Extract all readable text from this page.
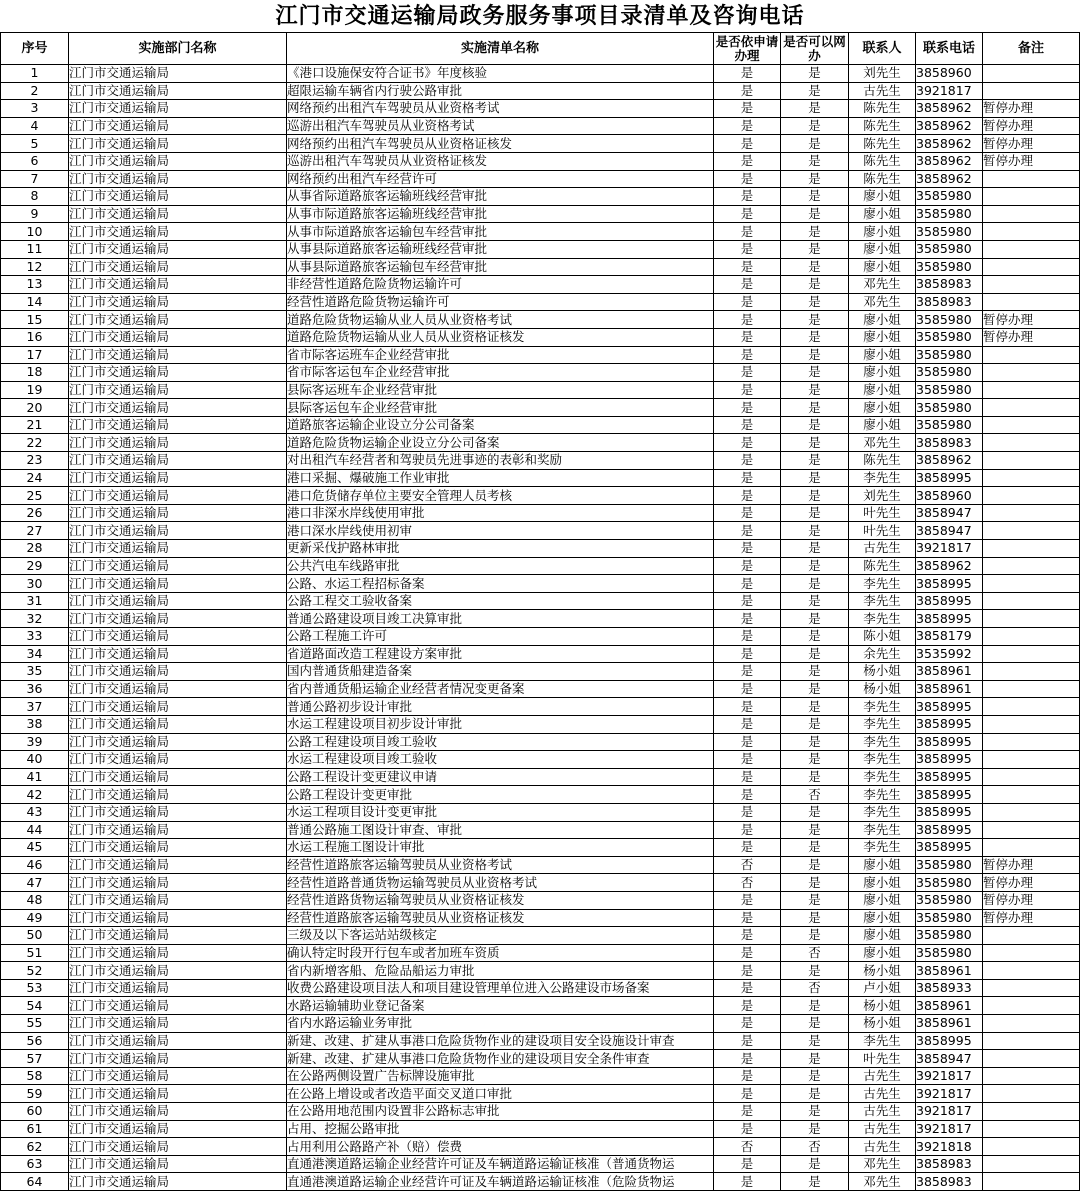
江门市交通运输局政务服务事项目录清单及咨询电话
序号	实施部门名称	实施清单名称	是否依申请办理	是否可以网办	联系人	联系电话	备注
1	江门市交通运输局	《港口设施保安符合证书》年度核验	是	是	刘先生	3858960	
2	江门市交通运输局	超限运输车辆省内行驶公路审批	是	是	古先生	3921817	
3	江门市交通运输局	网络预约出租汽车驾驶员从业资格考试	是	是	陈先生	3858962	暂停办理
4	江门市交通运输局	巡游出租汽车驾驶员从业资格考试	是	是	陈先生	3858962	暂停办理
5	江门市交通运输局	网络预约出租汽车驾驶员从业资格证核发	是	是	陈先生	3858962	暂停办理
6	江门市交通运输局	巡游出租汽车驾驶员从业资格证核发	是	是	陈先生	3858962	暂停办理
7	江门市交通运输局	网络预约出租汽车经营许可	是	是	陈先生	3858962	
8	江门市交通运输局	从事省际道路旅客运输班线经营审批	是	是	廖小姐	3585980	
9	江门市交通运输局	从事市际道路旅客运输班线经营审批	是	是	廖小姐	3585980	
10	江门市交通运输局	从事市际道路旅客运输包车经营审批	是	是	廖小姐	3585980	
11	江门市交通运输局	从事县际道路旅客运输班线经营审批	是	是	廖小姐	3585980	
12	江门市交通运输局	从事县际道路旅客运输包车经营审批	是	是	廖小姐	3585980	
13	江门市交通运输局	非经营性道路危险货物运输许可	是	是	邓先生	3858983	
14	江门市交通运输局	经营性道路危险货物运输许可	是	是	邓先生	3858983	
15	江门市交通运输局	道路危险货物运输从业人员从业资格考试	是	是	廖小姐	3585980	暂停办理
16	江门市交通运输局	道路危险货物运输从业人员从业资格证核发	是	是	廖小姐	3585980	暂停办理
17	江门市交通运输局	省市际客运班车企业经营审批	是	是	廖小姐	3585980	
18	江门市交通运输局	省市际客运包车企业经营审批	是	是	廖小姐	3585980	
19	江门市交通运输局	县际客运班车企业经营审批	是	是	廖小姐	3585980	
20	江门市交通运输局	县际客运包车企业经营审批	是	是	廖小姐	3585980	
21	江门市交通运输局	道路旅客运输企业设立分公司备案	是	是	廖小姐	3585980	
22	江门市交通运输局	道路危险货物运输企业设立分公司备案	是	是	邓先生	3858983	
23	江门市交通运输局	对出租汽车经营者和驾驶员先进事迹的表彰和奖励	是	是	陈先生	3858962	
24	江门市交通运输局	港口采掘、爆破施工作业审批	是	是	李先生	3858995	
25	江门市交通运输局	港口危货储存单位主要安全管理人员考核	是	是	刘先生	3858960	
26	江门市交通运输局	港口非深水岸线使用审批	是	是	叶先生	3858947	
27	江门市交通运输局	港口深水岸线使用初审	是	是	叶先生	3858947	
28	江门市交通运输局	更新采伐护路林审批	是	是	古先生	3921817	
29	江门市交通运输局	公共汽电车线路审批	是	是	陈先生	3858962	
30	江门市交通运输局	公路、水运工程招标备案	是	是	李先生	3858995	
31	江门市交通运输局	公路工程交工验收备案	是	是	李先生	3858995	
32	江门市交通运输局	普通公路建设项目竣工决算审批	是	是	李先生	3858995	
33	江门市交通运输局	公路工程施工许可	是	是	陈小姐	3858179	
34	江门市交通运输局	省道路面改造工程建设方案审批	是	是	余先生	3535992	
35	江门市交通运输局	国内普通货船建造备案	是	是	杨小姐	3858961	
36	江门市交通运输局	省内普通货船运输企业经营者情况变更备案	是	是	杨小姐	3858961	
37	江门市交通运输局	普通公路初步设计审批	是	是	李先生	3858995	
38	江门市交通运输局	水运工程建设项目初步设计审批	是	是	李先生	3858995	
39	江门市交通运输局	公路工程建设项目竣工验收	是	是	李先生	3858995	
40	江门市交通运输局	水运工程建设项目竣工验收	是	是	李先生	3858995	
41	江门市交通运输局	公路工程设计变更建议申请	是	是	李先生	3858995	
42	江门市交通运输局	公路工程设计变更审批	是	否	李先生	3858995	
43	江门市交通运输局	水运工程项目设计变更审批	是	是	李先生	3858995	
44	江门市交通运输局	普通公路施工图设计审查、审批	是	是	李先生	3858995	
45	江门市交通运输局	水运工程施工图设计审批	是	是	李先生	3858995	
46	江门市交通运输局	经营性道路旅客运输驾驶员从业资格考试	否	是	廖小姐	3585980	暂停办理
47	江门市交通运输局	经营性道路普通货物运输驾驶员从业资格考试	否	是	廖小姐	3585980	暂停办理
48	江门市交通运输局	经营性道路货物运输驾驶员从业资格证核发	是	是	廖小姐	3585980	暂停办理
49	江门市交通运输局	经营性道路旅客运输驾驶员从业资格证核发	是	是	廖小姐	3585980	暂停办理
50	江门市交通运输局	三级及以下客运站站级核定	是	是	廖小姐	3585980	
51	江门市交通运输局	确认特定时段开行包车或者加班车资质	是	否	廖小姐	3585980	
52	江门市交通运输局	省内新增客船、危险品船运力审批	是	是	杨小姐	3858961	
53	江门市交通运输局	收费公路建设项目法人和项目建设管理单位进入公路建设市场备案	是	否	卢小姐	3858933	
54	江门市交通运输局	水路运输辅助业登记备案	是	是	杨小姐	3858961	
55	江门市交通运输局	省内水路运输业务审批	是	是	杨小姐	3858961	
56	江门市交通运输局	新建、改建、扩建从事港口危险货物作业的建设项目安全设施设计审查	是	是	李先生	3858995	
57	江门市交通运输局	新建、改建、扩建从事港口危险货物作业的建设项目安全条件审查	是	是	叶先生	3858947	
58	江门市交通运输局	在公路两侧设置广告标牌设施审批	是	是	古先生	3921817	
59	江门市交通运输局	在公路上增设或者改造平面交叉道口审批	是	是	古先生	3921817	
60	江门市交通运输局	在公路用地范围内设置非公路标志审批	是	是	古先生	3921817	
61	江门市交通运输局	占用、挖掘公路审批	是	是	古先生	3921817	
62	江门市交通运输局	占用利用公路路产补（赔）偿费	否	否	古先生	3921818	
63	江门市交通运输局	直通港澳道路运输企业经营许可证及车辆道路运输证核准（普通货物运	是	是	邓先生	3858983	
64	江门市交通运输局	直通港澳道路运输企业经营许可证及车辆道路运输证核准（危险货物运	是	是	邓先生	3858983	
